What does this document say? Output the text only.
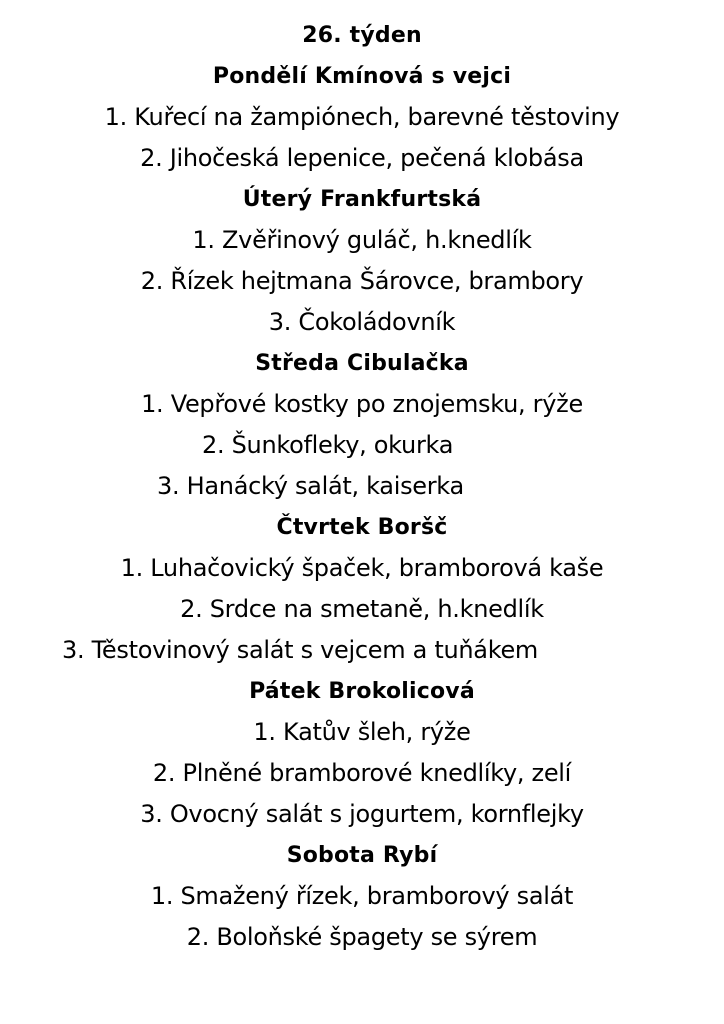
26. týden
Pondělí Kmínová s vejci
1. Kuřecí na žampiónech, barevné těstoviny
2. Jihočeská lepenice, pečená klobása
Úterý Frankfurtská
1. Zvěřinový guláč, h.knedlík
2. Řízek hejtmana Šárovce, brambory
3. Čokoládovník
Středa Cibulačka
1. Vepřové kostky po znojemsku, rýže
2. Šunkofleky, okurka
3. Hanácký salát, kaiserka
Čtvrtek Boršč
1. Luhačovický špaček, bramborová kaše
2. Srdce na smetaně, h.knedlík
3. Těstovinový salát s vejcem a tuňákem
Pátek Brokolicová
1. Katův šleh, rýže
2. Plněné bramborové knedlíky, zelí
3. Ovocný salát s jogurtem, kornflejky
Sobota Rybí
1. Smažený řízek, bramborový salát
2. Boloňské špagety se sýrem
